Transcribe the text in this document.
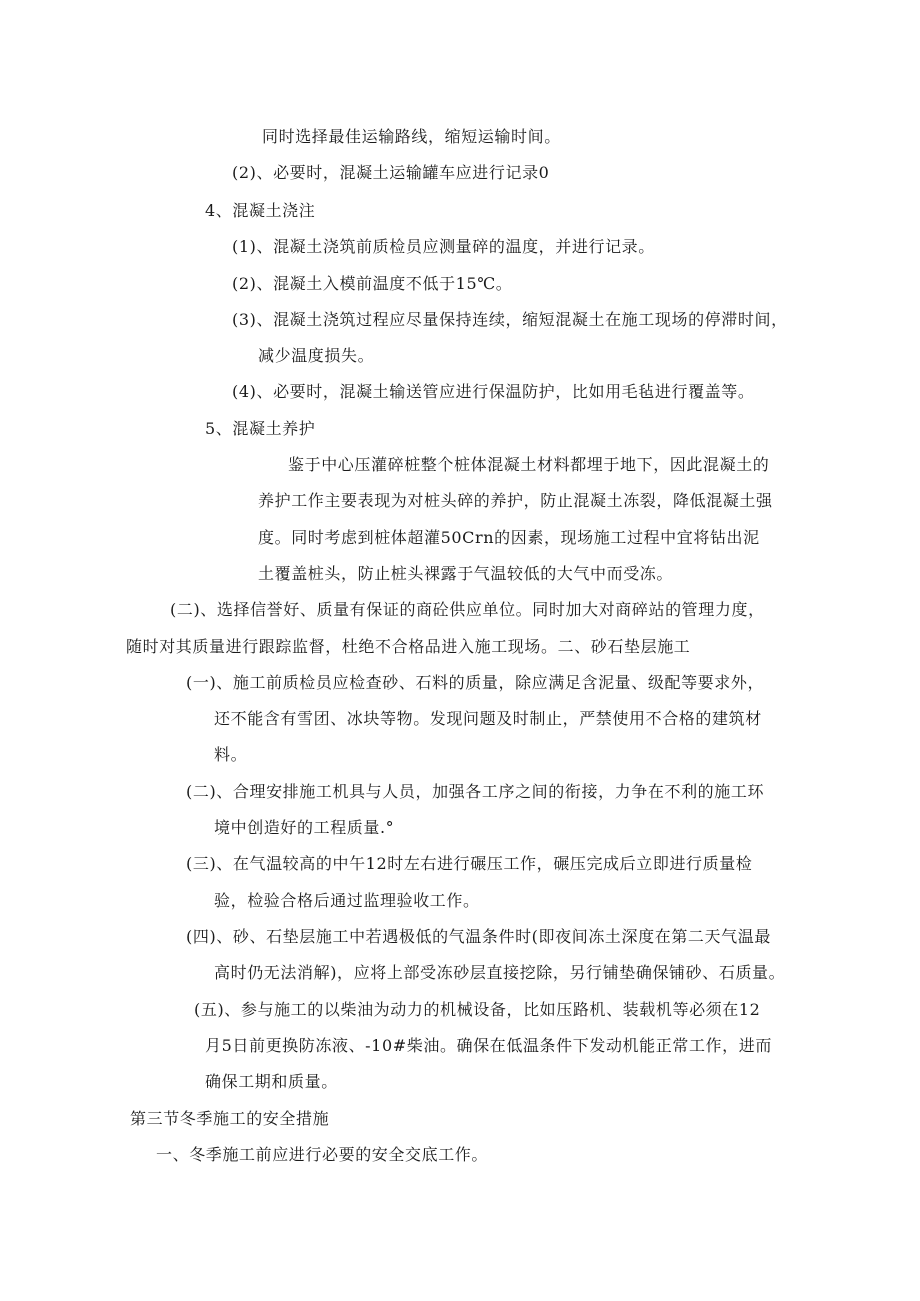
同时选择最佳运输路线，缩短运输时间。
(2)、必要时，混凝土运输罐车应进行记录0
4、混凝土浇注
(1)、混凝土浇筑前质检员应测量碎的温度，并进行记录。
(2)、混凝土入模前温度不低于15℃。
(3)、混凝土浇筑过程应尽量保持连续，缩短混凝土在施工现场的停滞时间，
减少温度损失。
(4)、必要时，混凝土输送管应进行保温防护，比如用毛毡进行覆盖等。
5、混凝土养护
鉴于中心压灌碎桩整个桩体混凝土材料都埋于地下，因此混凝土的
养护工作主要表现为对桩头碎的养护，防止混凝土冻裂，降低混凝土强
度。同时考虑到桩体超灌50Crn的因素，现场施工过程中宜将钻出泥
土覆盖桩头，防止桩头裸露于气温较低的大气中而受冻。
(二)、选择信誉好、质量有保证的商砼供应单位。同时加大对商碎站的管理力度，
随时对其质量进行跟踪监督，杜绝不合格品进入施工现场。二、砂石垫层施工
(一)、施工前质检员应检查砂、石料的质量，除应满足含泥量、级配等要求外，
还不能含有雪团、冰块等物。发现问题及时制止，严禁使用不合格的建筑材
料。
(二)、合理安排施工机具与人员，加强各工序之间的衔接，力争在不利的施工环
境中创造好的工程质量.°
(三)、在气温较高的中午12时左右进行碾压工作，碾压完成后立即进行质量检
验，检验合格后通过监理验收工作。
(四)、砂、石垫层施工中若遇极低的气温条件时(即夜间冻土深度在第二天气温最
高时仍无法消解)，应将上部受冻砂层直接挖除，另行铺垫确保铺砂、石质量。
(五)、参与施工的以柴油为动力的机械设备，比如压路机、装载机等必须在12
月5日前更换防冻液、-10#柴油。确保在低温条件下发动机能正常工作，进而
确保工期和质量。
第三节冬季施工的安全措施
一、冬季施工前应进行必要的安全交底工作。
